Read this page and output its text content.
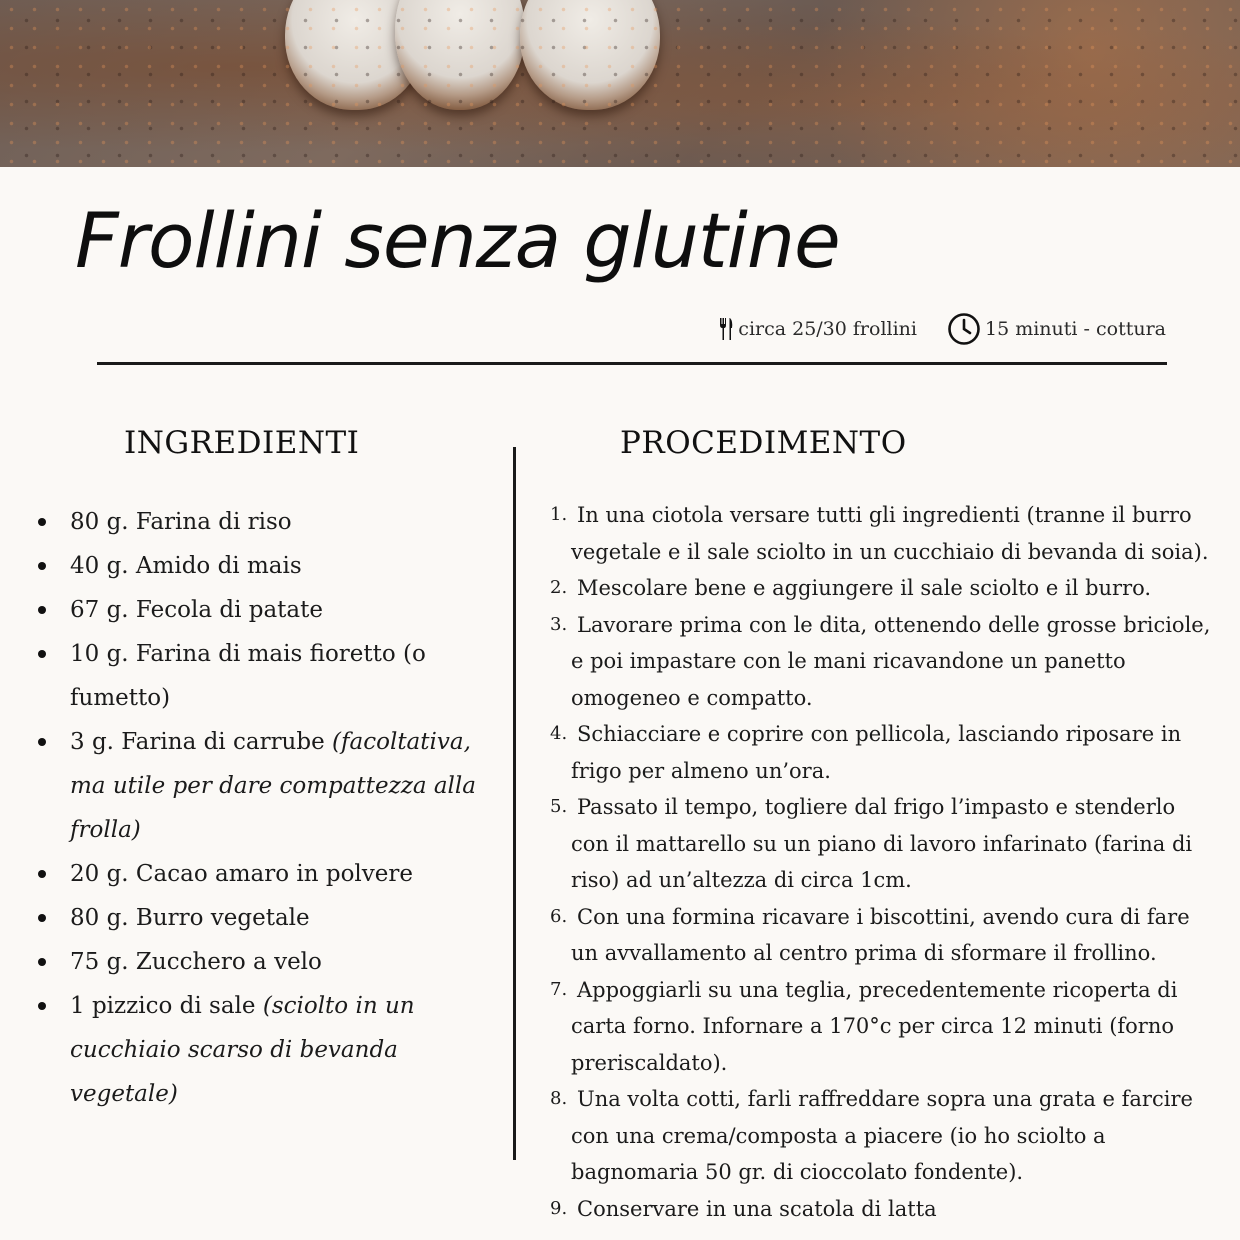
Frollini senza glutine
circa 25/30 frollini	15 minuti - cottura
INGREDIENTI	PROCEDIMENTO
80 g. Farina di riso
40 g. Amido di mais
67 g. Fecola di patate
10 g. Farina di mais fioretto (o fumetto)
3 g. Farina di carrube (facoltativa, ma utile per dare compattezza alla frolla)
20 g. Cacao amaro in polvere
80 g. Burro vegetale
75 g. Zucchero a velo
1 pizzico di sale (sciolto in un cucchiaio scarso di bevanda vegetale)
1. In una ciotola versare tutti gli ingredienti (tranne il burro vegetale e il sale sciolto in un cucchiaio di bevanda di soia).
2. Mescolare bene e aggiungere il sale sciolto e il burro.
3. Lavorare prima con le dita, ottenendo delle grosse briciole, e poi impastare con le mani ricavandone un panetto omogeneo e compatto.
4. Schiacciare e coprire con pellicola, lasciando riposare in frigo per almeno un’ora.
5. Passato il tempo, togliere dal frigo l’impasto e stenderlo con il mattarello su un piano di lavoro infarinato (farina di riso) ad un’altezza di circa 1cm.
6. Con una formina ricavare i biscottini, avendo cura di fare un avvallamento al centro prima di sformare il frollino.
7. Appoggiarli su una teglia, precedentemente ricoperta di carta forno. Infornare a 170°c per circa 12 minuti (forno preriscaldato).
8. Una volta cotti, farli raffreddare sopra una grata e farcire con una crema/composta a piacere (io ho sciolto a bagnomaria 50 gr. di cioccolato fondente).
9. Conservare in una scatola di latta
